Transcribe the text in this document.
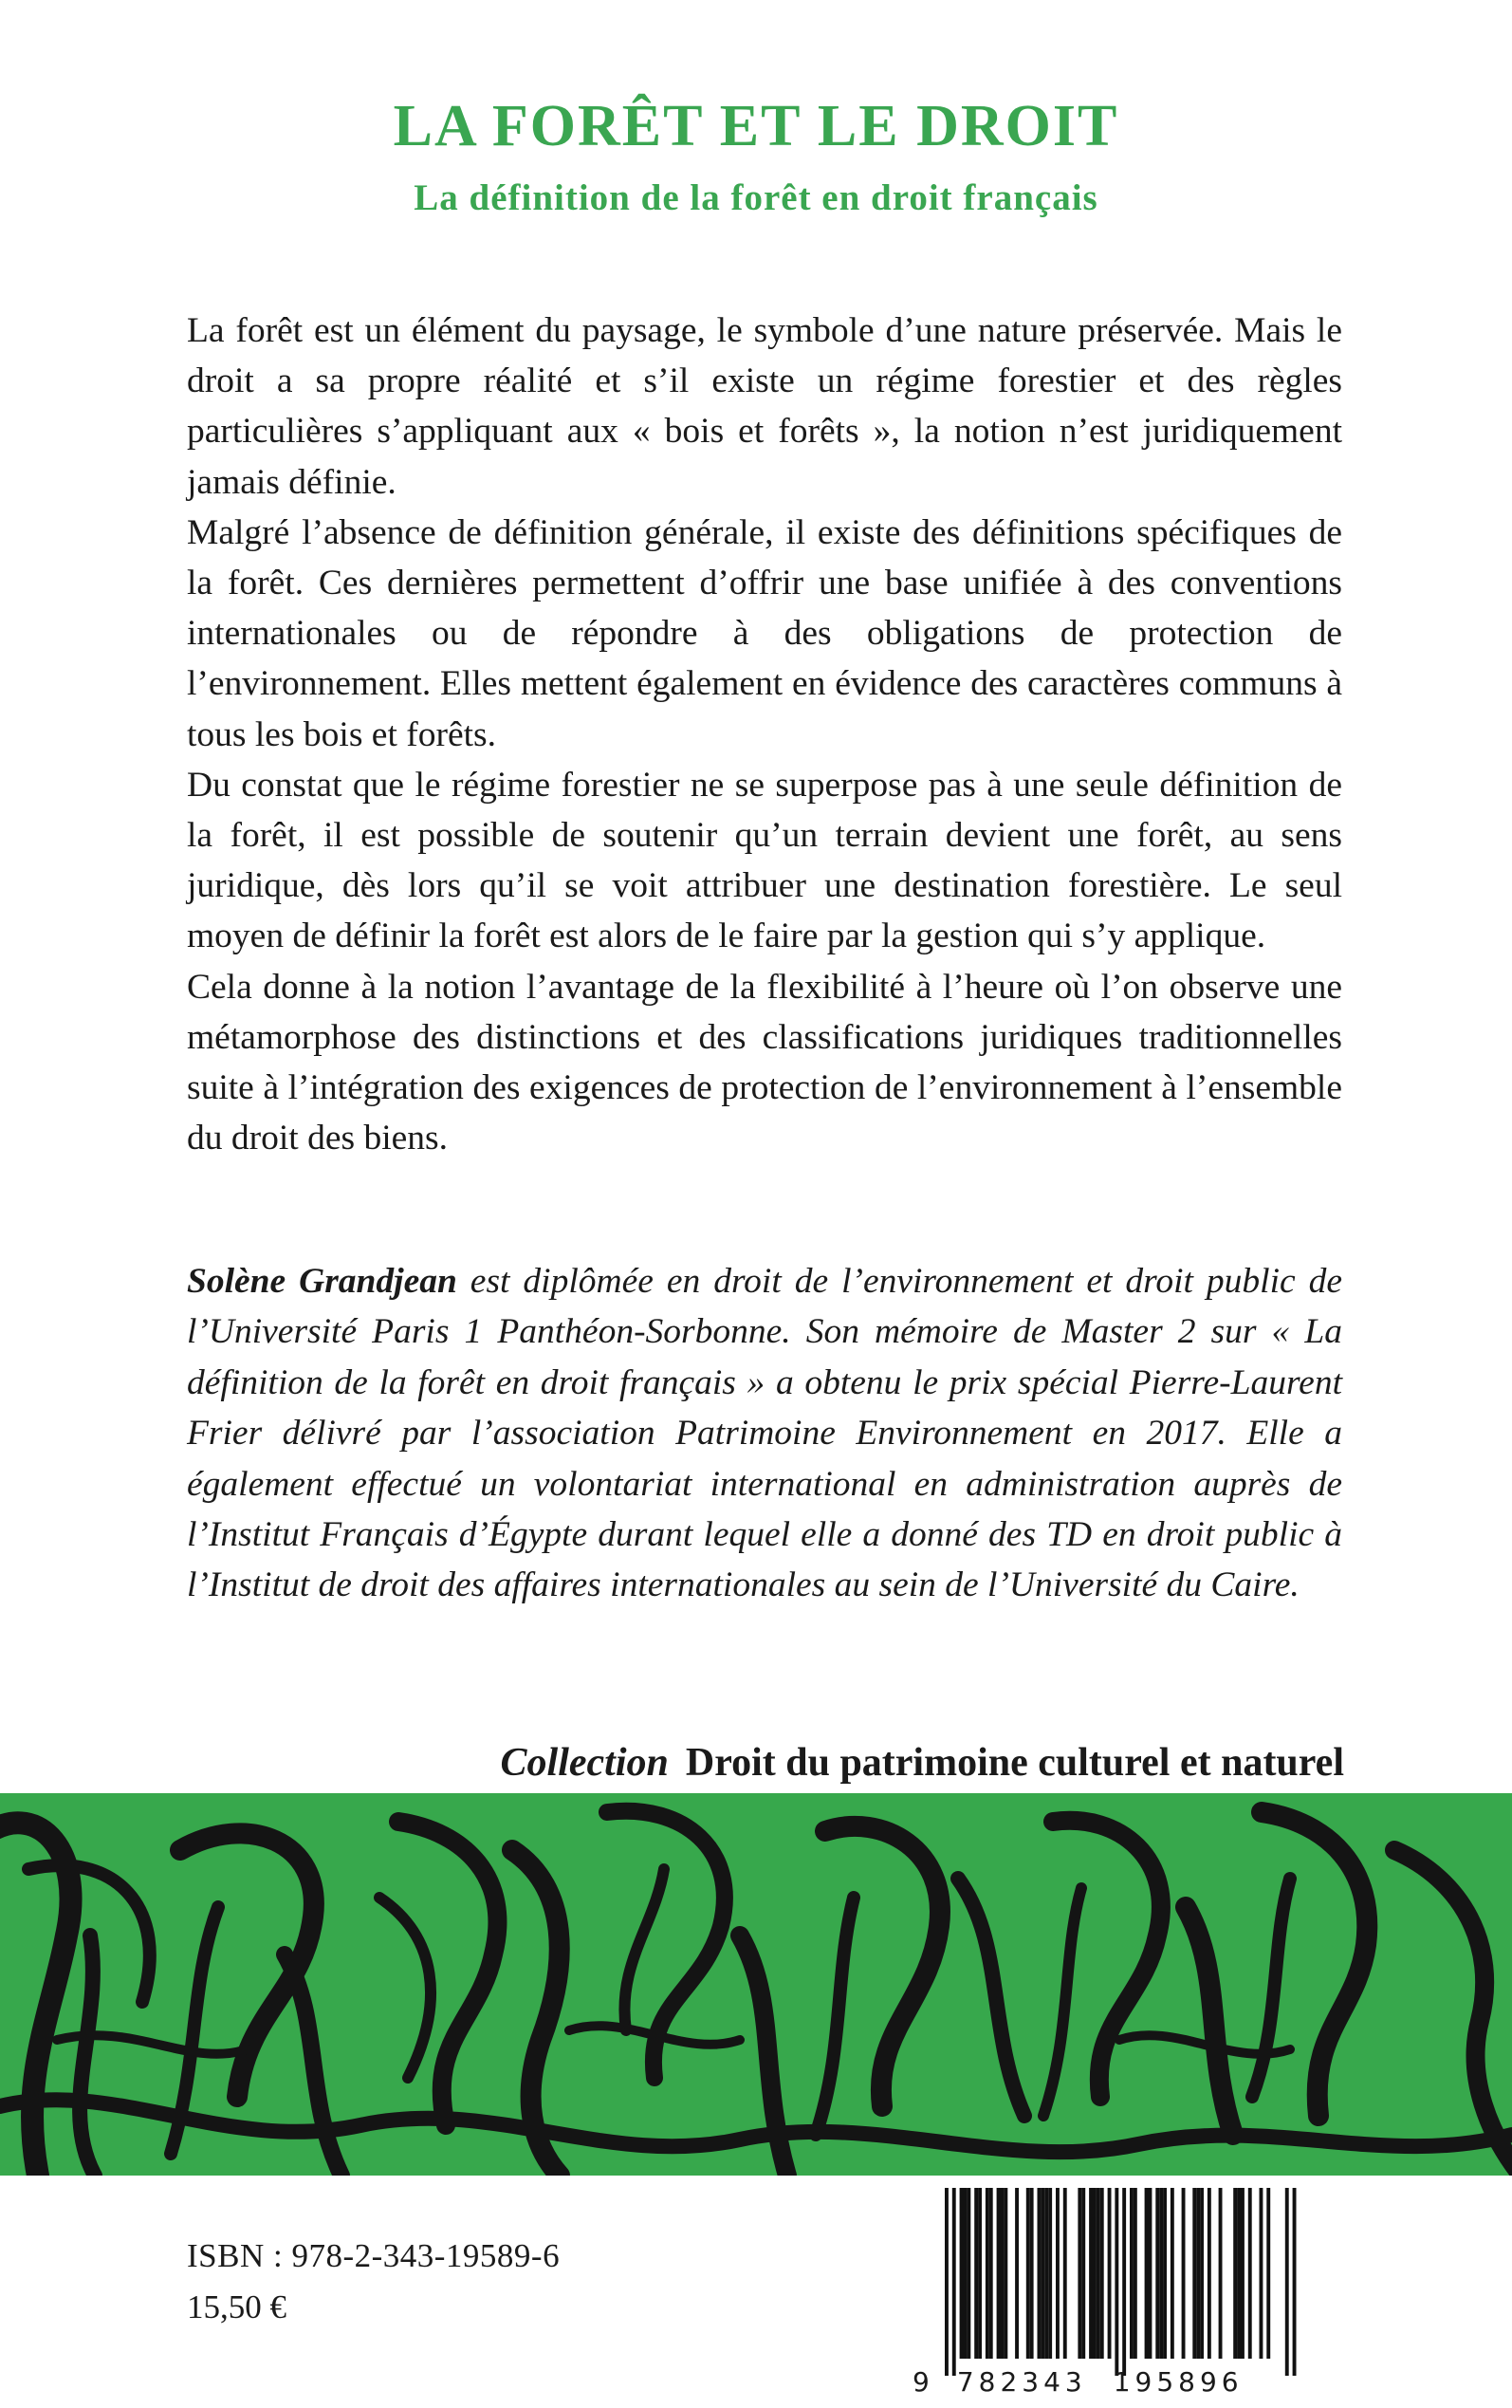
LA FORÊT ET LE DROIT
La définition de la forêt en droit français

La forêt est un élément du paysage, le symbole d’une nature préservée. Mais le droit a sa propre réalité et s’il existe un régime forestier et des règles particulières s’appliquant aux « bois et forêts », la notion n’est juridiquement jamais définie.

Malgré l’absence de définition générale, il existe des définitions spécifiques de la forêt. Ces dernières permettent d’offrir une base unifiée à des conventions internationales ou de répondre à des obligations de protection de l’environnement. Elles mettent également en évidence des caractères communs à tous les bois et forêts.

Du constat que le régime forestier ne se superpose pas à une seule définition de la forêt, il est possible de soutenir qu’un terrain devient une forêt, au sens juridique, dès lors qu’il se voit attribuer une destination forestière. Le seul moyen de définir la forêt est alors de le faire par la gestion qui s’y applique.

Cela donne à la notion l’avantage de la flexibilité à l’heure où l’on observe une métamorphose des distinctions et des classifications juridiques traditionnelles suite à l’intégration des exigences de protection de l’environnement à l’ensemble du droit des biens.

Solène Grandjean est diplômée en droit de l’environnement et droit public de l’Université Paris 1 Panthéon-Sorbonne. Son mémoire de Master 2 sur « La définition de la forêt en droit français » a obtenu le prix spécial Pierre-Laurent Frier délivré par l’association Patrimoine Environnement en 2017. Elle a également effectué un volontariat international en administration auprès de l’Institut Français d’Égypte durant lequel elle a donné des TD en droit public à l’Institut de droit des affaires internationales au sein de l’Université du Caire.

Collection Droit du patrimoine culturel et naturel

ISBN : 978-2-343-19589-6

15,50 €

9 782343 195896
